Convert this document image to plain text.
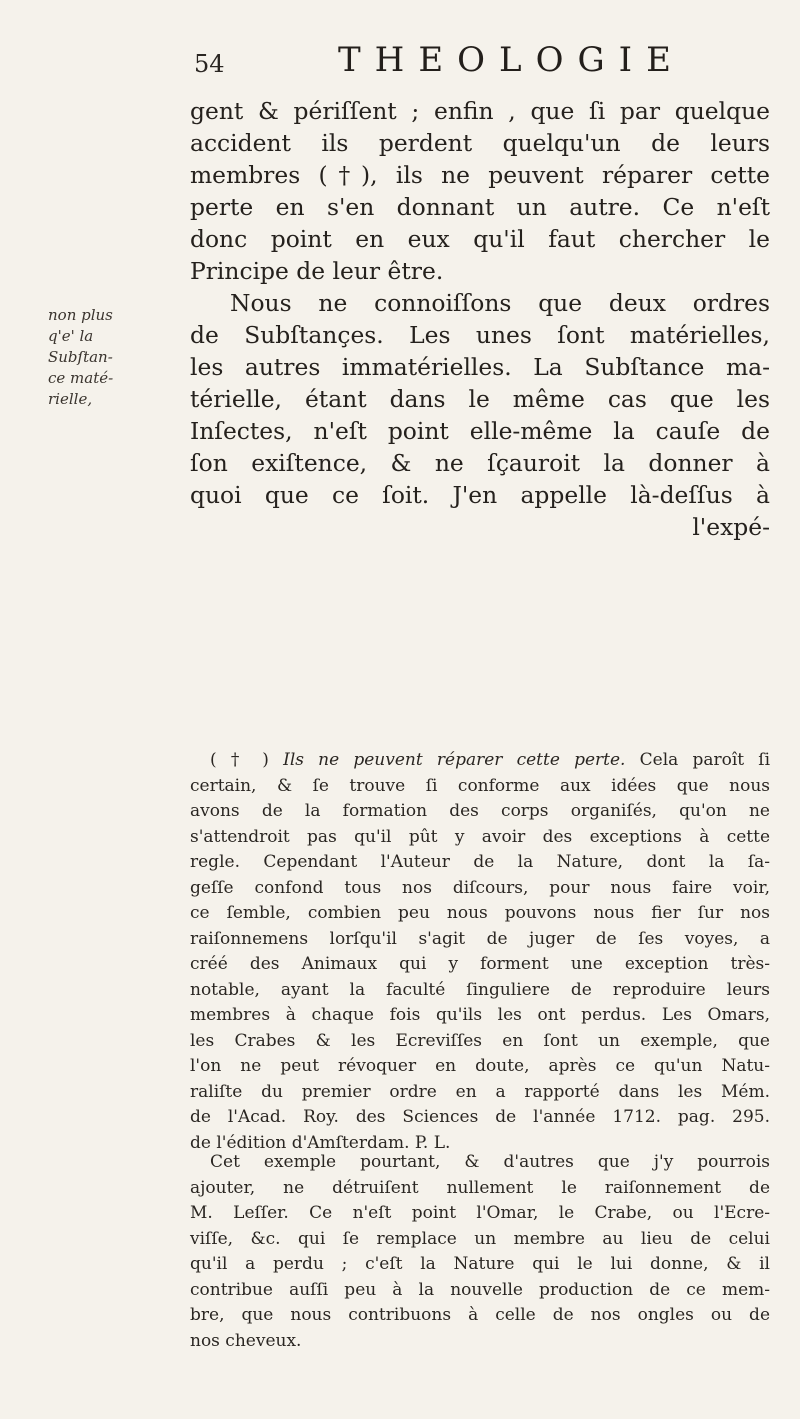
54	THEOLOGIE
non plus
q'e' la
Subſtan-
ce maté-
rielle,
gent & périſſent ; enfin , que ſi par quelque
accident ils perdent quelqu'un de leurs
membres (†), ils ne peuvent réparer cette
perte en s'en donnant un autre. Ce n'eſt
donc point en eux qu'il faut chercher le
Principe de leur être.
Nous ne connoiſſons que deux ordres
de Subſtançes. Les unes ſont matérielles,
les autres immatérielles. La Subſtance ma-
térielle, étant dans le même cas que les
Inſectes, n'eſt point elle-même la cauſe de
ſon exiſtence, & ne ſçauroit la donner à
quoi que ce ſoit. J'en appelle là-deſſus à
l'expé-
( † ) Ils ne peuvent réparer cette perte. Cela paroît ſi
certain, & ſe trouve ſi conforme aux idées que nous
avons de la formation des corps organiſés, qu'on ne
s'attendroit pas qu'il pût y avoir des exceptions à cette
regle. Cependant l'Auteur de la Nature, dont la ſa-
geſſe confond tous nos diſcours, pour nous faire voir,
ce ſemble, combien peu nous pouvons nous fier ſur nos
raiſonnemens lorſqu'il s'agit de juger de ſes voyes, a
créé des Animaux qui y forment une exception très-
notable, ayant la faculté ſinguliere de reproduire leurs
membres à chaque fois qu'ils les ont perdus. Les Omars,
les Crabes & les Ecreviſſes en ſont un exemple, que
l'on ne peut révoquer en doute, après ce qu'un Natu-
raliſte du premier ordre en a rapporté dans les Mém.
de l'Acad. Roy. des Sciences de l'année 1712. pag. 295.
de l'édition d'Amſterdam. P. L.
Cet exemple pourtant, & d'autres que j'y pourrois
ajouter, ne détruiſent nullement le raiſonnement de
M. Leſſer. Ce n'eſt point l'Omar, le Crabe, ou l'Ecre-
viſſe, &c. qui ſe remplace un membre au lieu de celui
qu'il a perdu ; c'eſt la Nature qui le lui donne, & il
contribue auſſi peu à la nouvelle production de ce mem-
bre, que nous contribuons à celle de nos ongles ou de
nos cheveux.
